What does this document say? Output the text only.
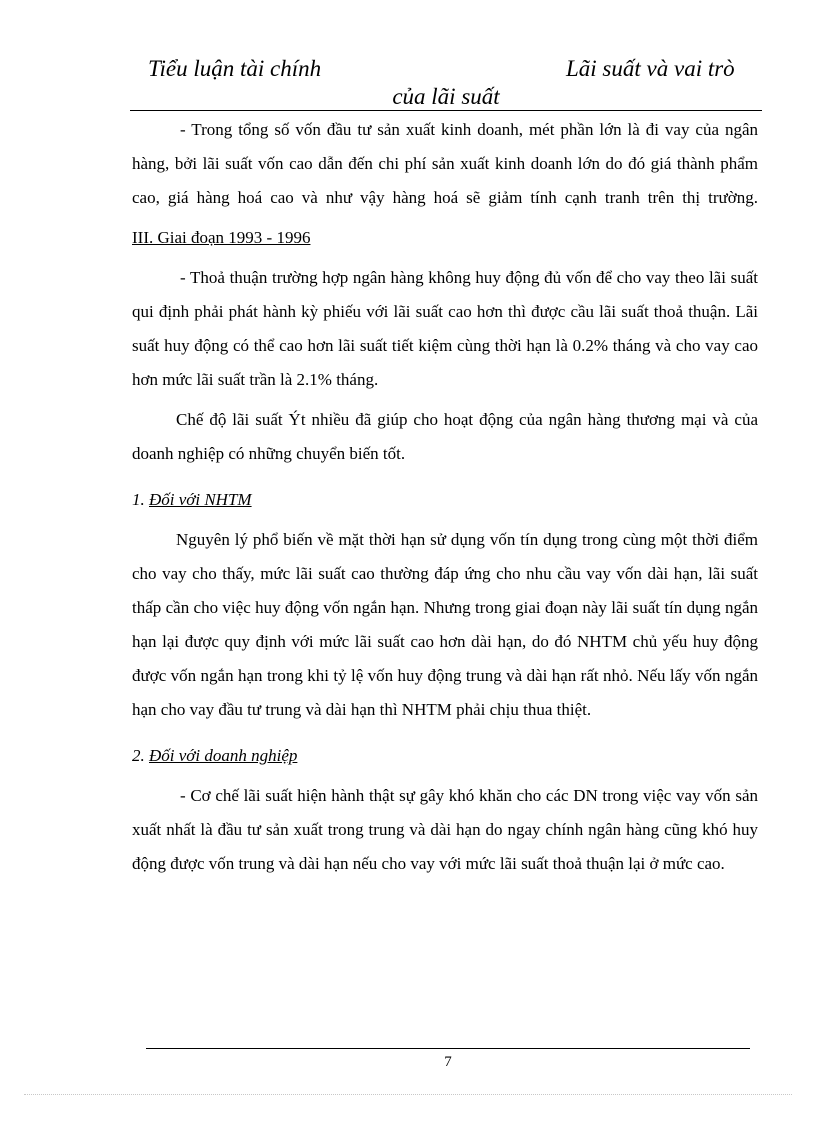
Tiểu luận tài chính	Lãi suất và vai trò
của lãi suất

- Trong tổng số vốn đầu tư sản xuất kinh doanh, mét phần lớn là đi vay của ngân hàng, bởi lãi suất vốn cao dẫn đến chi phí sản xuất kinh doanh lớn do đó giá thành phẩm cao, giá hàng hoá cao và như vậy hàng hoá sẽ giảm tính cạnh tranh trên thị trường.

III. Giai đoạn 1993 - 1996

- Thoả thuận trường hợp ngân hàng không huy động đủ vốn để cho vay theo lãi suất qui định phải phát hành kỳ phiếu với lãi suất cao hơn thì được cầu lãi suất thoả thuận. Lãi suất huy động có thể cao hơn lãi suất tiết kiệm cùng thời hạn là 0.2% tháng và cho vay cao hơn mức lãi suất trần là 2.1% tháng.

Chế độ lãi suất Ýt nhiều đã giúp cho hoạt động của ngân hàng thương mại và của doanh nghiệp có những chuyển biến tốt.

1. Đối với NHTM

Nguyên lý phổ biến về mặt thời hạn sử dụng vốn tín dụng trong cùng một thời điểm cho vay cho thấy, mức lãi suất cao thường đáp ứng cho nhu cầu vay vốn dài hạn, lãi suất thấp cần cho việc huy động vốn ngắn hạn. Nhưng trong giai đoạn này lãi suất tín dụng ngắn hạn lại được quy định với mức lãi suất cao hơn dài hạn, do đó NHTM chủ yếu huy động được vốn ngắn hạn trong khi tỷ lệ vốn huy động trung và dài hạn rất nhỏ. Nếu lấy vốn ngắn hạn cho vay đầu tư trung và dài hạn thì NHTM phải chịu thua thiệt.

2. Đối với doanh nghiệp

- Cơ chế lãi suất hiện hành thật sự gây khó khăn cho các DN trong việc vay vốn sản xuất nhất là đầu tư sản xuất trong trung và dài hạn do ngay chính ngân hàng cũng khó huy động được vốn trung và dài hạn nếu cho vay với mức lãi suất thoả thuận lại ở mức cao.

7
